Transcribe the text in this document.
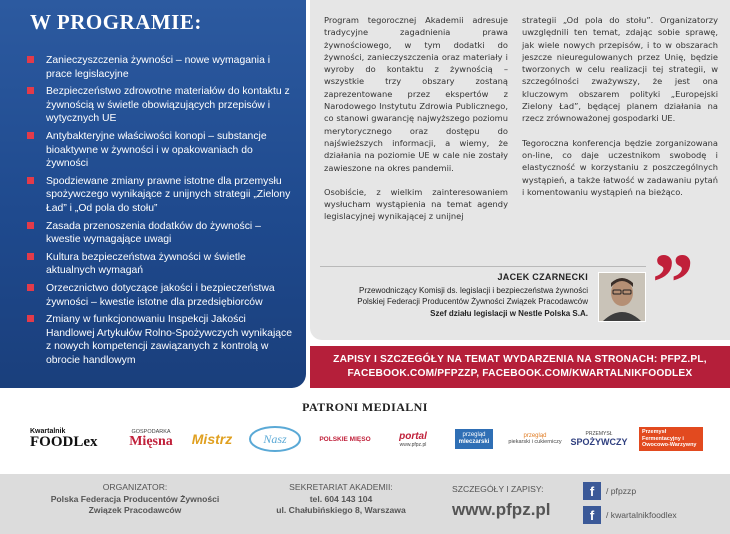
W PROGRAMIE:
Zanieczyszczenia żywności – nowe wymagania i prace legislacyjne
Bezpieczeństwo zdrowotne materiałów do kontaktu z żywnością w świetle obowiązujących przepisów i wytycznych UE
Antybakteryjne właściwości konopi – substancje bioaktywne w żywności i w opakowaniach do żywności
Spodziewane zmiany prawne istotne dla przemysłu spożywczego wynikające z unijnych strategii „Zielony Ład” i „Od pola do stołu”
Zasada przenoszenia dodatków do żywności – kwestie wymagające uwagi
Kultura bezpieczeństwa żywności w świetle aktualnych wymagań
Orzecznictwo dotyczące jakości i bezpieczeństwa żywności – kwestie istotne dla przedsiębiorców
Zmiany w funkcjonowaniu Inspekcji Jakości Handlowej Artykułów Rolno-Spożywczych wynikające z nowych kompetencji zawiązanych z kontrolą w obrocie handlowym

Program tegorocznej Akademii adresuje tradycyjne zagadnienia prawa żywnościowego, w tym dodatki do żywności, zanieczyszczenia oraz materiały i wyroby do kontaktu z żywnością – wszystkie trzy obszary zostaną zaprezentowane przez ekspertów z Narodowego Instytutu Zdrowia Publicznego, co stanowi gwarancję najwyższego poziomu merytorycznego oraz dostępu do najświeższych informacji, a wiemy, że działania na poziomie UE w cale nie zostały zawieszone na okres pandemii.

Osobiście, z wielkim zainteresowaniem wysłucham wystąpienia na temat agendy legislacyjnej wynikającej z unijnej

strategii „Od pola do stołu”. Organizatorzy uwzględnili ten temat, zdając sobie sprawę, jak wiele nowych przepisów, i to w obszarach jeszcze nieuregulowanych przez Unię, będzie tworzonych w celu realizacji tej strategii, w szczególności zważywszy, że jest ona kluczowym obszarem polityki „Europejski Zielony Ład”, będącej planem działania na rzecz zrównoważonej gospodarki UE.

Tegoroczna konferencja będzie zorganizowana on-line, co daje uczestnikom swobodę i elastyczność w korzystaniu z poszczególnych wystąpień, a także łatwość w zadawaniu pytań i komentowaniu wystąpień na bieżąco.

”
JACEK CZARNECKI
Przewodniczący Komisji ds. legislacji i bezpieczeństwa żywności
Polskiej Federacji Producentów Żywności Związek Pracodawców
Szef działu legislacji w Nestle Polska S.A.
ZAPISY I SZCZEGÓŁY NA TEMAT WYDARZENIA NA STRONACH: PFPZ.PL,
FACEBOOK.COM/PFPZZP, FACEBOOK.COM/KWARTALNIKFOODLEX
PATRONI MEDIALNI
Kwartalnik
FOODLex
GOSPODARKA
Mięsna Mistrz	Nasz	POLSKIE MIĘSO	portal
www.pfpz.pl
przegląd
mleczarski
przegląd
piekarski i cukierniczy
PRZEMYSŁ
SPOŻYWCZY
Przemysł Fermentacyjny i Owocowo-Warzywny
ORGANIZATOR:
Polska Federacja Producentów Żywności
Związek Pracodawców
SEKRETARIAT AKADEMII:
tel. 604 143 104
ul. Chałubińskiego 8, Warszawa
SZCZEGÓŁY I ZAPISY:
www.pfpz.pl
f	/ pfpzzp
f	/ kwartalnikfoodlex
